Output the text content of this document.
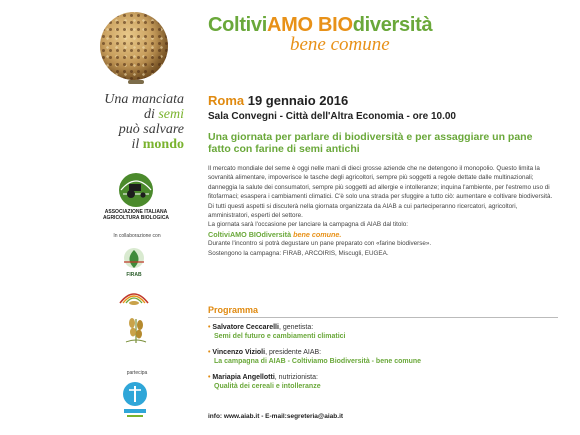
Una manciata
di semi
può salvare
il mondo
ASSOCIAZIONE ITALIANA
AGRICOLTURA BIOLOGICA
In collaborazione con
FIRAB
partecipa
ColtiviAMO BIOdiversità
bene comune
Roma 19 gennaio 2016
Sala Convegni - Città dell'Altra Economia - ore 10.00
Una giornata per parlare di biodiversità e per assaggiare un pane fatto con farine di semi antichi

Il mercato mondiale del seme è oggi nelle mani di dieci grosse aziende che ne detengono il monopolio. Questo limita la sovranità alimentare, impoverisce le tasche degli agricoltori, sempre più soggetti a regole dettate dalle multinazionali; danneggia la salute dei consumatori, sempre più soggetti ad allergie e intolleranze; inquina l'ambiente, per l'estremo uso di fitofarmaci; esaspera i cambiamenti climatici. C'è solo una strada per sfuggire a tutto ciò: aumentare e coltivare biodiversità.

Di tutti questi aspetti si discuterà nella giornata organizzata da AIAB a cui parteciperanno ricercatori, agricoltori, amministratori, esperti del settore.

La giornata sarà l'occasione per lanciare la campagna di AIAB dal titolo:

ColtiviAMO BIOdiversità bene comune.

Durante l'incontro si potrà degustare un pane preparato con «farine biodiverse».

Sostengono la campagna: FIRAB, ARCOIRIS, Miscugli, EUGEA.

Programma
• Salvatore Ceccarelli, genetista:
Semi del futuro e cambiamenti climatici
• Vincenzo Vizioli, presidente AIAB:
La campagna di AIAB - Coltiviamo Biodiversità - bene comune
• Mariapia Angellotti, nutrizionista:
Qualità dei cereali e intolleranze
info: www.aiab.it - E-mail:segreteria@aiab.it
